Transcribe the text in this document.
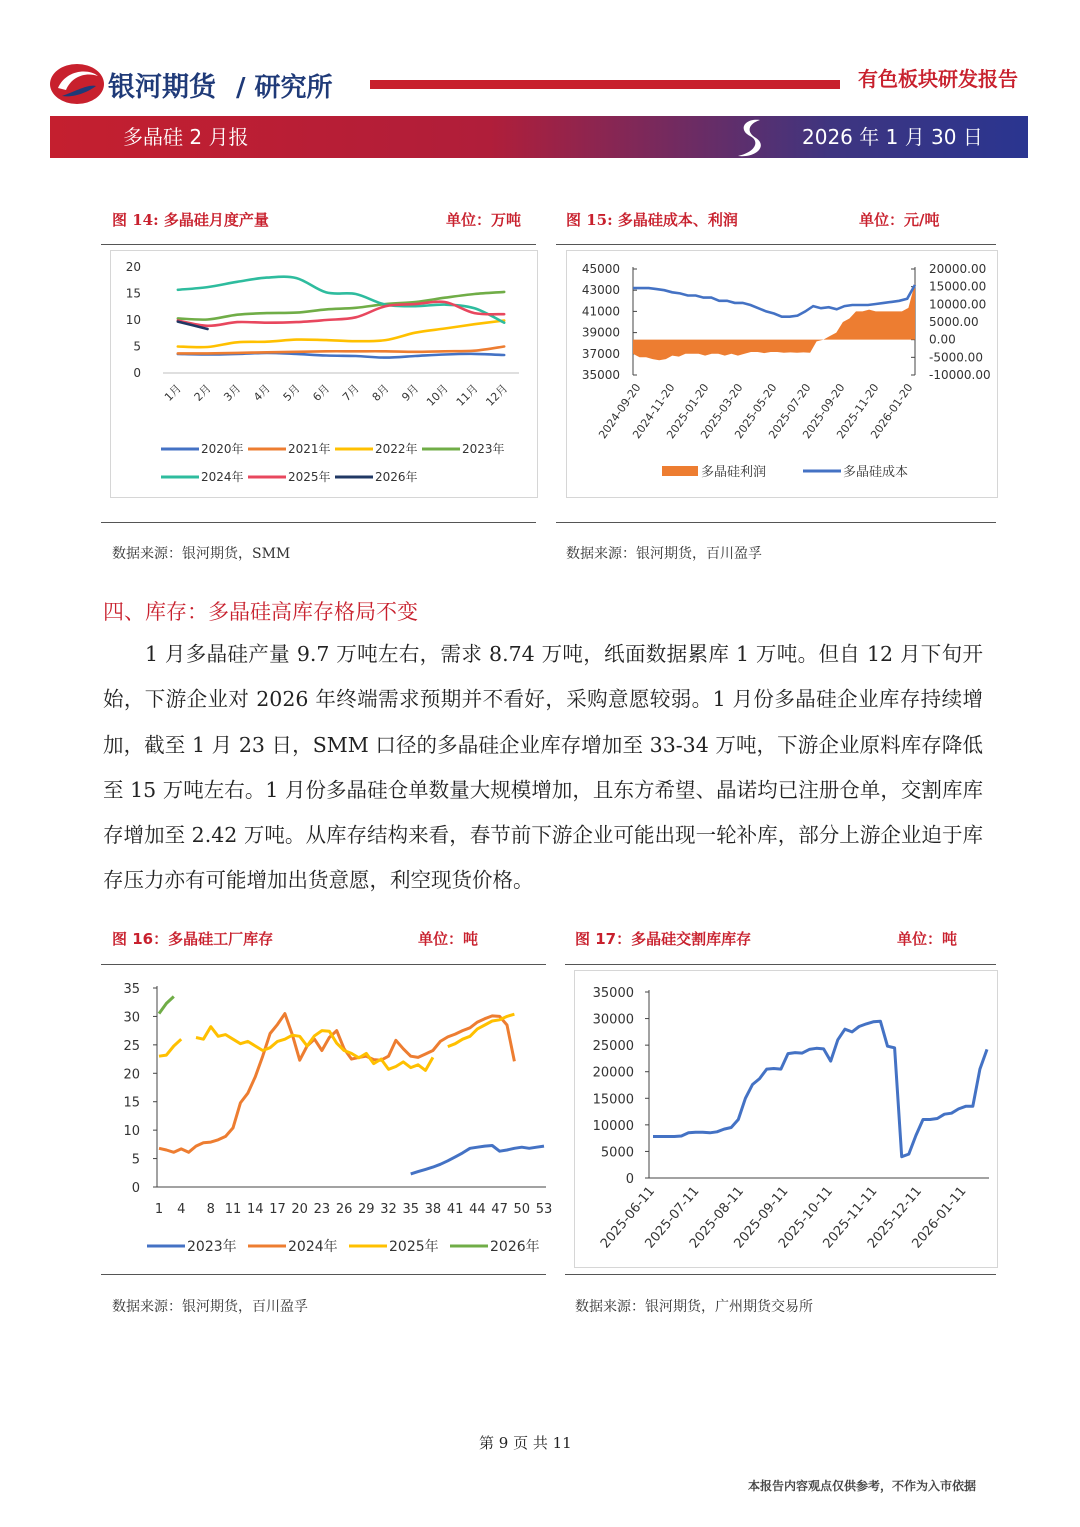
银河期货 / 研究所	有色板块研发报告
多晶硅 2 月报	2026 年 1 月 30 日
图 14: 多晶硅月度产量	单位：万吨
20
15
10
5
0
1月 2月 3月 4月 5月 6月 7月 8月 9月 10月 11月 12月
2020年	2021年	2022年	2023年
2024年	2025年	2026年
数据来源：银河期货，SMM
图 15: 多晶硅成本、利润	单位：元/吨
45000
43000
41000
39000
37000
35000
20000.00
15000.00
10000.00
5000.00
0.00
-5000.00
-10000.00
2024-09-20
2024-11-20
2025-01-20
2025-03-20
2025-05-20
2025-07-20
2025-09-20
2025-11-20
2026-01-20
多晶硅利润	多晶硅成本
数据来源：银河期货，百川盈孚
四、库存：多晶硅高库存格局不变

1 月多晶硅产量 9.7 万吨左右，需求 8.74 万吨，纸面数据累库 1 万吨。但自 12 月下旬开始，下游企业对 2026 年终端需求预期并不看好，采购意愿较弱。1 月份多晶硅企业库存持续增加，截至 1 月 23 日，SMM 口径的多晶硅企业库存增加至 33-34 万吨，下游企业原料库存降低至 15 万吨左右。1 月份多晶硅仓单数量大规模增加，且东方希望、晶诺均已注册仓单，交割库库存增加至 2.42 万吨。从库存结构来看，春节前下游企业可能出现一轮补库，部分上游企业迫于库存压力亦有可能增加出货意愿，利空现货价格。

图 16：多晶硅工厂库存	单位：吨
35
30
25
20
15
10
5
0
1 4 8 11 14 17 20 23 26 29 32 35 38 41 44 47 50 53
2023年	2024年	2025年	2026年
数据来源：银河期货，百川盈孚
图 17：多晶硅交割库库存	单位：吨
35000
30000
25000
20000
15000
10000
5000
0
2025-06-11
2025-07-11
2025-08-11
2025-09-11
2025-10-11
2025-11-11
2025-12-11
2026-01-11
数据来源：银河期货，广州期货交易所
第 9 页 共 11
本报告内容观点仅供参考，不作为入市依据
